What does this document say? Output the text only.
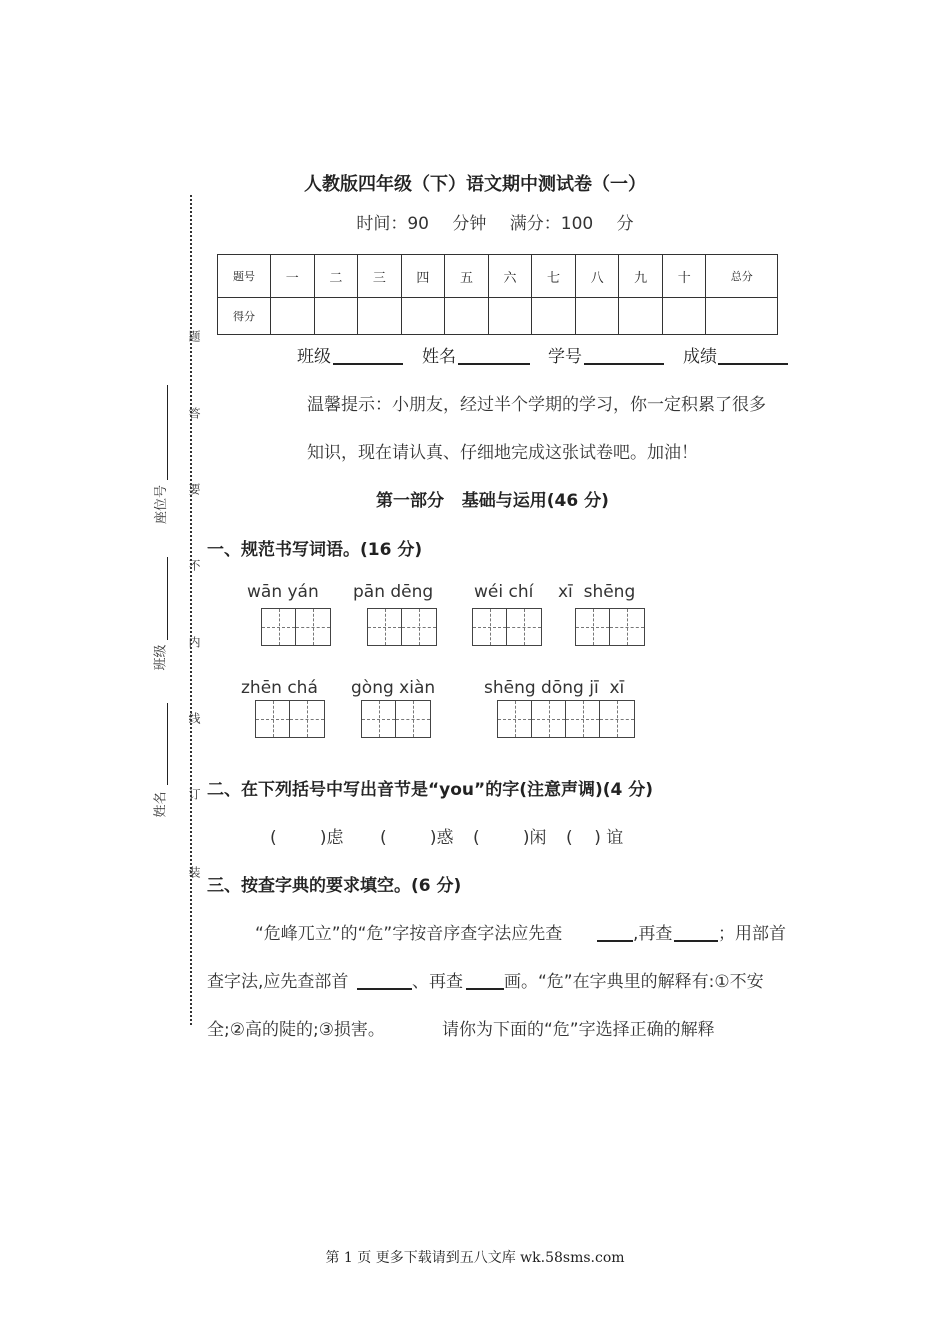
题
答
要
不
内
线
订
装
座位号
班级
姓名
人教版四年级（下）语文期中测试卷（一）
时间：90 分钟 满分：100 分
题号	一	二	三	四	五	六	七	八	九	十	总分
得分											
班级	姓名	学号	成绩
温馨提示：小朋友，经过半个学期的学习，你一定积累了很多
知识，现在请认真、仔细地完成这张试卷吧。加油！
第一部分   基础与运用(46 分)
一、规范书写词语。(16 分)
wān yán pān dēng wéi chí xī  shēng
zhēn chá gòng xiàn	shēng dōng jī  xī
二、在下列括号中写出音节是“you”的字(注意声调)(4 分)
(        )虑 (        )惑 (        )闲 (    ) 谊
三、按查字典的要求填空。(6 分)
“危峰兀立”的“危”字按音序查字法应先查	,再查	；用部首
查字法,应先查部首	、再查 画。“危”在字典里的解释有:①不安
全;②高的陡的;③损害。	请你为下面的“危”字选择正确的解释
第 1 页 更多下载请到五八文库 wk.58sms.com
